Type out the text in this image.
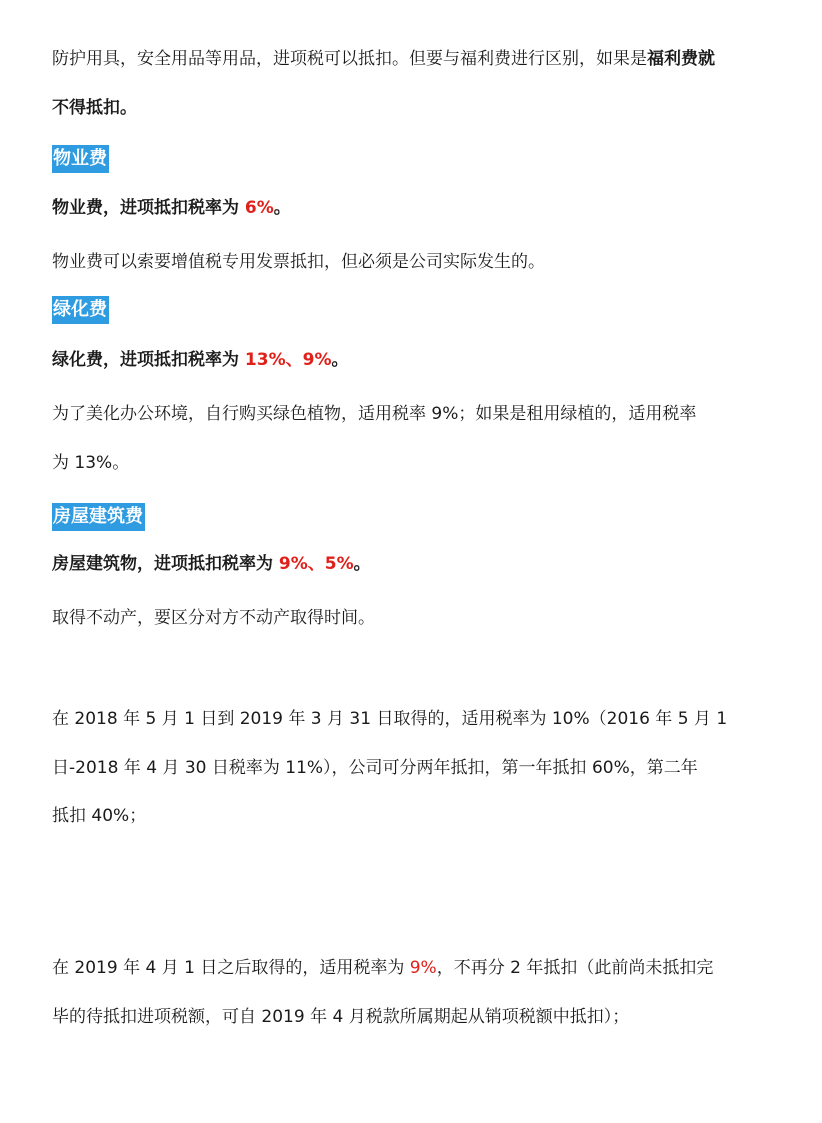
防护用具，安全用品等用品，进项税可以抵扣。但要与福利费进行区别，如果是福利费就
不得抵扣。
物业费
物业费，进项抵扣税率为 6%。
物业费可以索要增值税专用发票抵扣，但必须是公司实际发生的。
绿化费
绿化费，进项抵扣税率为 13%、9%。
为了美化办公环境，自行购买绿色植物，适用税率 9%；如果是租用绿植的，适用税率
为 13%。
房屋建筑费
房屋建筑物，进项抵扣税率为 9%、5%。
取得不动产，要区分对方不动产取得时间。
在 2018 年 5 月 1 日到 2019 年 3 月 31 日取得的，适用税率为 10%（2016 年 5 月 1
日-2018 年 4 月 30 日税率为 11%），公司可分两年抵扣，第一年抵扣 60%，第二年
抵扣 40%；
在 2019 年 4 月 1 日之后取得的，适用税率为 9%，不再分 2 年抵扣（此前尚未抵扣完
毕的待抵扣进项税额，可自 2019 年 4 月税款所属期起从销项税额中抵扣）；
